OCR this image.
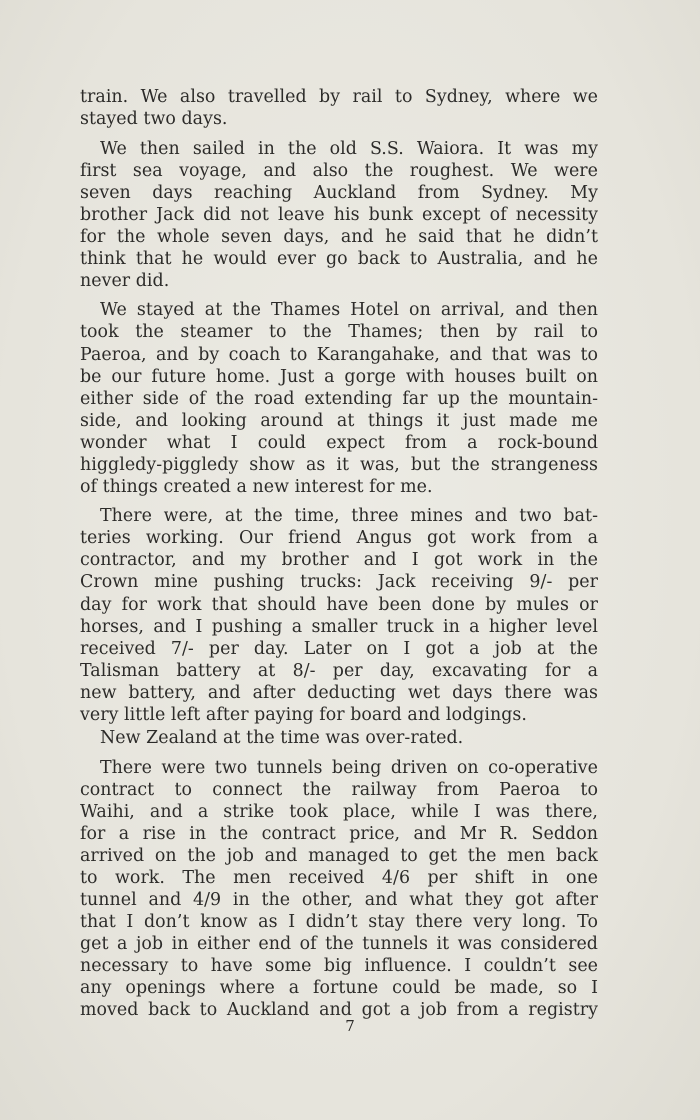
train. We also travelled by rail to Sydney, where we
stayed two days.
We then sailed in the old S.S. Waiora. It was my
first sea voyage, and also the roughest. We were
seven days reaching Auckland from Sydney. My
brother Jack did not leave his bunk except of necessity
for the whole seven days, and he said that he didn’t
think that he would ever go back to Australia, and he
never did.
We stayed at the Thames Hotel on arrival, and then
took the steamer to the Thames; then by rail to
Paeroa, and by coach to Karangahake, and that was to
be our future home. Just a gorge with houses built on
either side of the road extending far up the mountain-
side, and looking around at things it just made me
wonder what I could expect from a rock-bound
higgledy-piggledy show as it was, but the strangeness
of things created a new interest for me.
There were, at the time, three mines and two bat-
teries working. Our friend Angus got work from a
contractor, and my brother and I got work in the
Crown mine pushing trucks: Jack receiving 9/- per
day for work that should have been done by mules or
horses, and I pushing a smaller truck in a higher level
received 7/- per day. Later on I got a job at the
Talisman battery at 8/- per day, excavating for a
new battery, and after deducting wet days there was
very little left after paying for board and lodgings.
New Zealand at the time was over-rated.
There were two tunnels being driven on co-operative
contract to connect the railway from Paeroa to
Waihi, and a strike took place, while I was there,
for a rise in the contract price, and Mr R. Seddon
arrived on the job and managed to get the men back
to work. The men received 4/6 per shift in one
tunnel and 4/9 in the other, and what they got after
that I don’t know as I didn’t stay there very long. To
get a job in either end of the tunnels it was considered
necessary to have some big influence. I couldn’t see
any openings where a fortune could be made, so I
moved back to Auckland and got a job from a registry
7
